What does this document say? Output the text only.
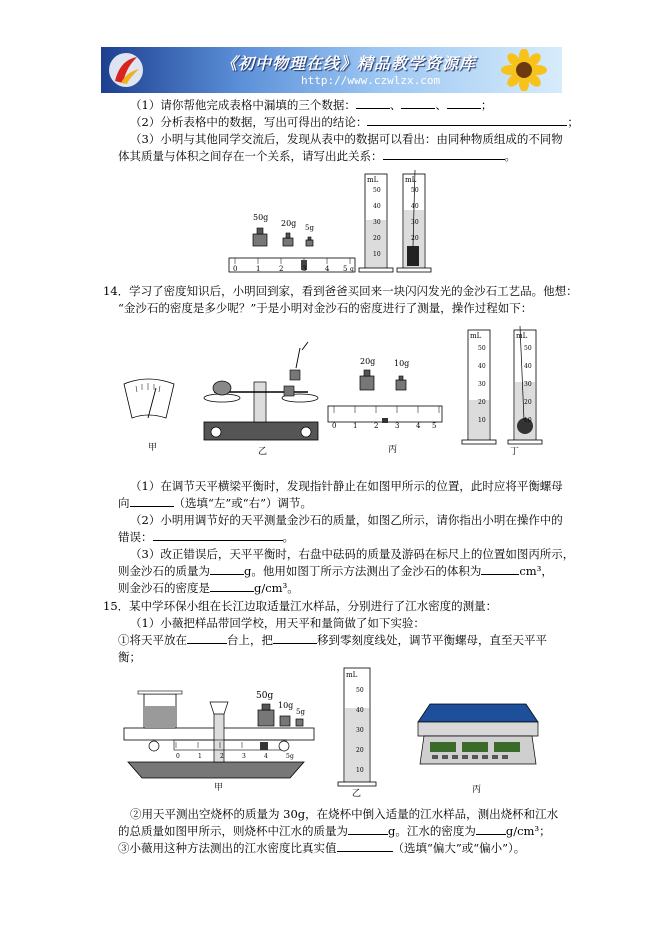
《初中物理在线》精品教学资源库
http://www.czwlzx.com
（1）请你帮他完成表格中漏填的三个数据：	、	、	；
（2）分析表格中的数据，写出可得出的结论：	；
（3）小明与其他同学交流后，发现从表中的数据可以看出：由同种物质组成的不同物
体其质量与体积之间存在一个关系，请写出此关系：	。
50g
20g 5g
0	1	2	3	4 5 g
mL
50
40
30
20
10
mL
50
40
30
20
14．学习了密度知识后，小明回到家，看到爸爸买回来一块闪闪发光的金沙石工艺品。他想：
“金沙石的密度是多少呢？”于是小明对金沙石的密度进行了测量，操作过程如下：
甲	乙
20g 10g
0 1 2 3 4 5
丙
mL
50
40
30
20
10
mL
50
40
30
20
10
丁
（1）在调节天平横梁平衡时，发现指针静止在如图甲所示的位置，此时应将平衡螺母
向	（选填“左”或“右”）调节。
（2）小明用调节好的天平测量金沙石的质量，如图乙所示，请你指出小明在操作中的
错误：	。
（3）改正错误后，天平平衡时，右盘中砝码的质量及游码在标尺上的位置如图丙所示，
则金沙石的质量为	g。他用如图丁所示方法测出了金沙石的体积为	cm³，
则金沙石的密度是	g/cm³。
15．某中学环保小组在长江边取适量江水样品，分别进行了江水密度的测量：
（1）小薇把样品带回学校，用天平和量筒做了如下实验：
①将天平放在	台上，把	移到零刻度线处，调节平衡螺母，直至天平平
衡；
50g
10g
5g
0	1	2	3	4	5 g
甲
mL
50
40
30
20
10
乙	丙
②用天平测出空烧杯的质量为 30g，在烧杯中倒入适量的江水样品，测出烧杯和江水
的总质量如图甲所示，则烧杯中江水的质量为	g。江水的密度为	g/cm³；
③小薇用这种方法测出的江水密度比真实值	（选填“偏大”或“偏小”）。
